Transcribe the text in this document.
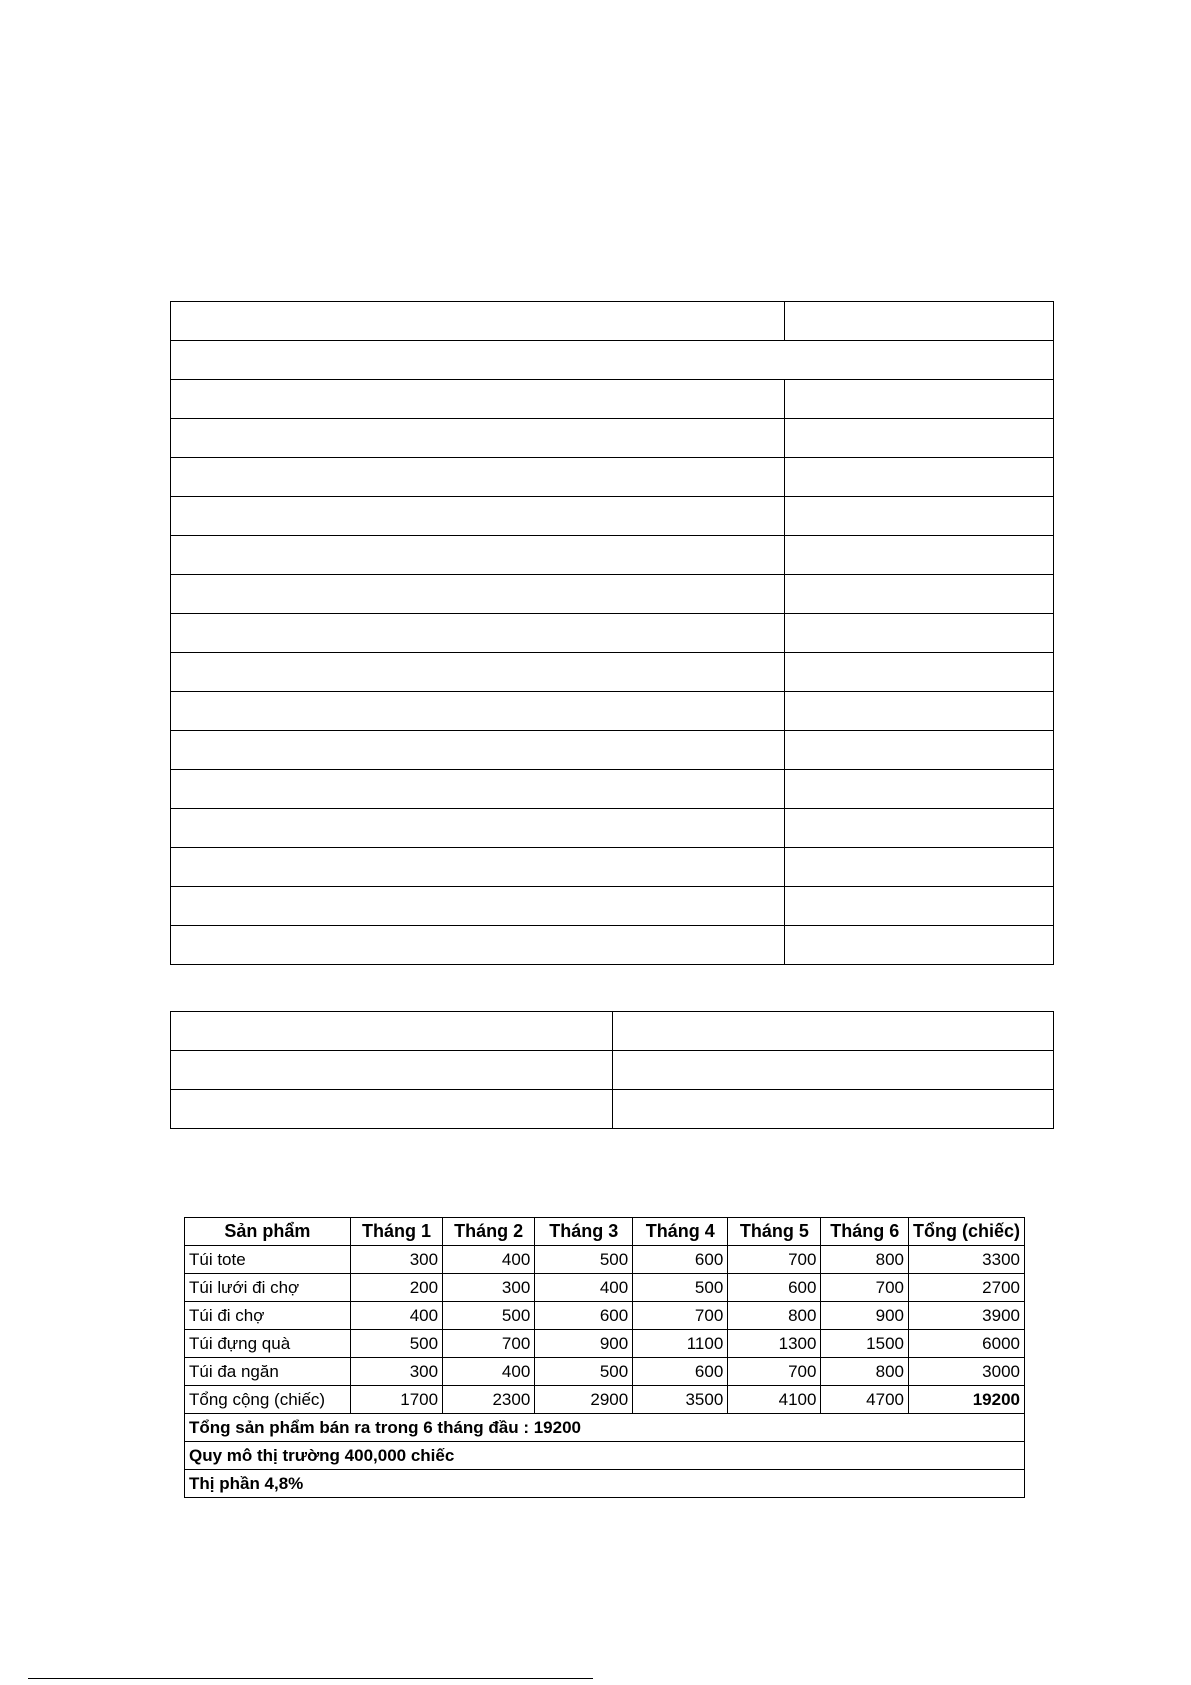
Sản phẩm	Tháng 1	Tháng 2	Tháng 3	Tháng 4	Tháng 5	Tháng 6	Tổng (chiếc)
Túi tote	300	400	500	600	700	800	3300
Túi lưới đi chợ	200	300	400	500	600	700	2700
Túi đi chợ	400	500	600	700	800	900	3900
Túi đựng quà	500	700	900	1100	1300	1500	6000
Túi đa ngăn	300	400	500	600	700	800	3000
Tổng cộng (chiếc)	1700	2300	2900	3500	4100	4700	19200
Tổng sản phẩm bán ra trong 6 tháng đầu : 19200							
Quy mô thị trường 400,000 chiếc							
Thị phần 4,8%							
